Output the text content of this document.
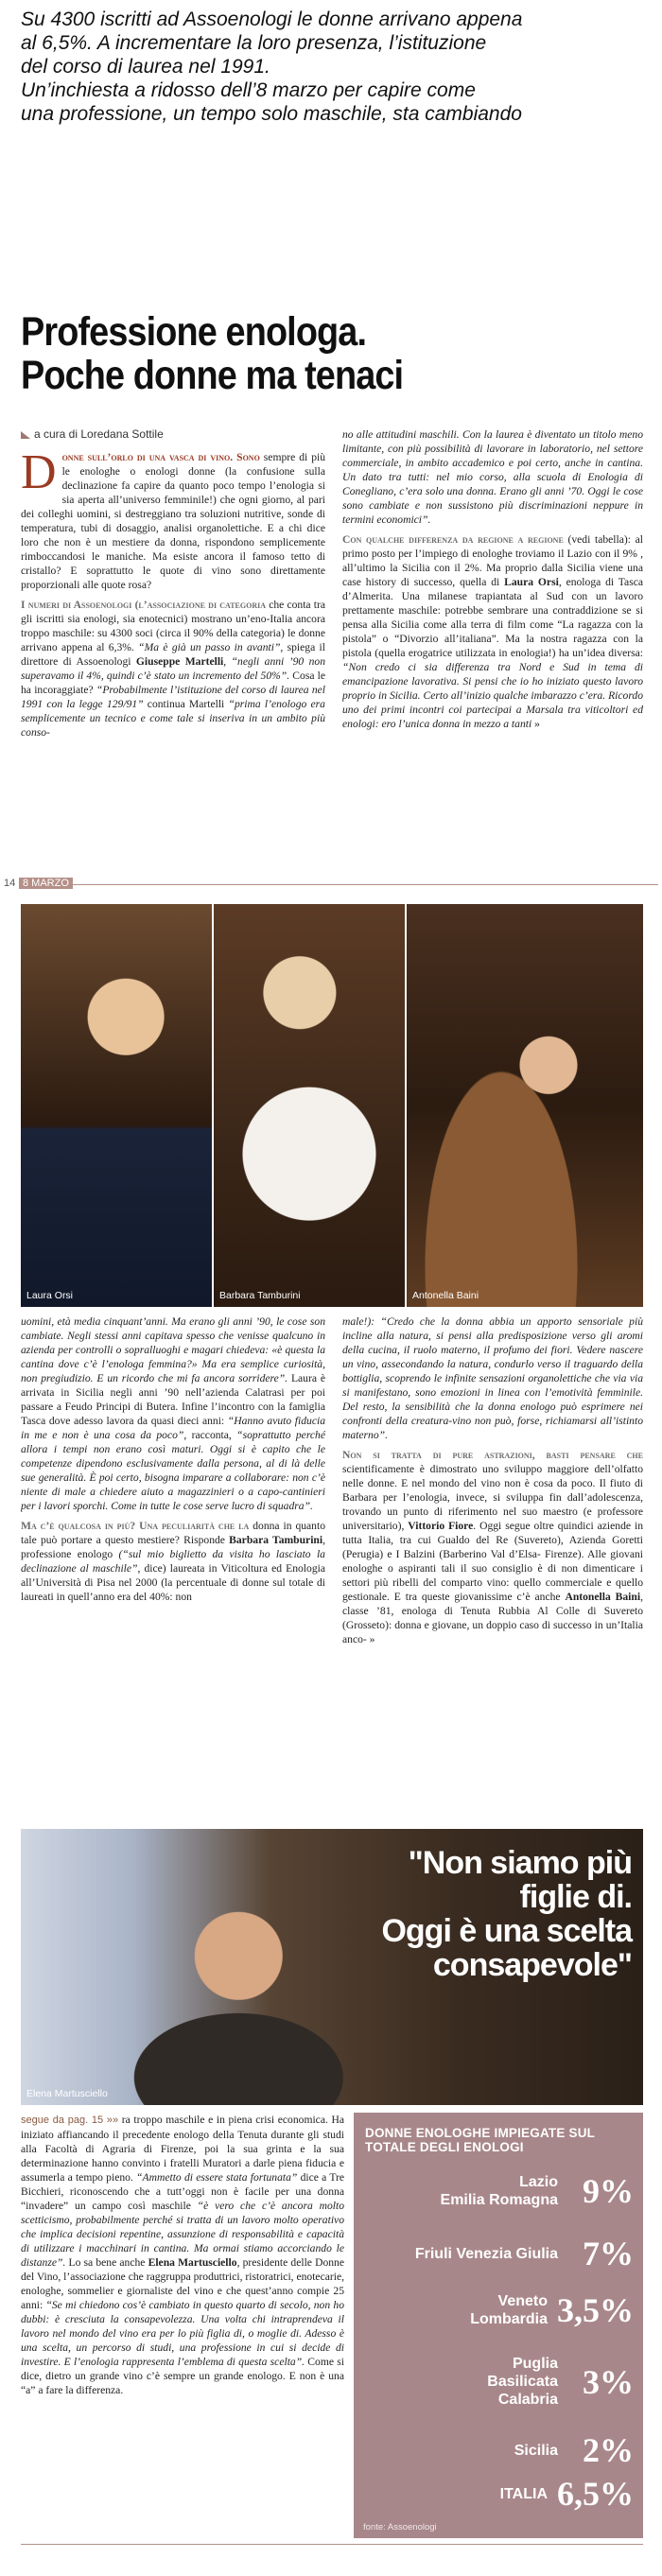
Su 4300 iscritti ad Assoenologi le donne arrivano appena

al 6,5%. A incrementare la loro presenza, l’istituzione

del corso di laurea nel 1991.

Un’inchiesta a ridosso dell’8 marzo per capire come

una professione, un tempo solo maschile, sta cambiando

Professione enologa.
Poche donne ma tenaci
a cura di Loredana Sottile

Donne sull’orlo di una vasca di vino. Sono sempre di più le enologhe o enologi donne (la confusione sulla declinazione fa capire da quanto poco tempo l’enologia si sia aperta all’universo femminile!) che ogni giorno, al pari dei colleghi uomini, si destreggiano tra soluzioni nutritive, sonde di temperatura, tubi di dosaggio, analisi organolettiche. E a chi dice loro che non è un mestiere da donna, rispondono semplicemente rimboccandosi le maniche. Ma esiste ancora il famoso tetto di cristallo? E soprattutto le quote di vino sono direttamente proporzionali alle quote rosa?

I numeri di Assoenologi (l’associazione di categoria che conta tra gli iscritti sia enologi, sia enotecnici) mostrano un’eno-Italia ancora troppo maschile: su 4300 soci (circa il 90% della categoria) le donne arrivano appena al 6,3%. “Ma è già un passo in avanti”, spiega il direttore di Assoenologi Giuseppe Martelli, “negli anni ’90 non superavamo il 4%, quindi c’è stato un incremento del 50%”. Cosa le ha incoraggiate? “Probabilmente l’istituzione del corso di laurea nel 1991 con la legge 129/91” continua Martelli “prima l’enologo era semplicemente un tecnico e come tale si inseriva in un ambito più conso-

no alle attitudini maschili. Con la laurea è diventato un titolo meno limitante, con più possibilità di lavorare in laboratorio, nel settore commerciale, in ambito accademico e poi certo, anche in cantina. Un dato tra tutti: nel mio corso, alla scuola di Enologia di Conegliano, c’era solo una donna. Erano gli anni ’70. Oggi le cose sono cambiate e non sussistono più discriminazioni neppure in termini economici”.

Con qualche differenza da regione a regione (vedi tabella): al primo posto per l’impiego di enologhe troviamo il Lazio con il 9% , all’ultimo la Sicilia con il 2%. Ma proprio dalla Sicilia viene una case history di successo, quella di Laura Orsi, enologa di Tasca d’Almerita. Una milanese trapiantata al Sud con un lavoro prettamente maschile: potrebbe sembrare una contraddizione se si pensa alla Sicilia come alla terra di film come “La ragazza con la pistola” o “Divorzio all’italiana”. Ma la nostra ragazza con la pistola (quella erogatrice utilizzata in enologia!) ha un’idea diversa: “Non credo ci sia differenza tra Nord e Sud in tema di emancipazione lavorativa. Si pensi che io ho iniziato questo lavoro proprio in Sicilia. Certo all’inizio qualche imbarazzo c’era. Ricordo uno dei primi incontri coi partecipai a Marsala tra viticoltori ed enologi: ero l’unica donna in mezzo a tanti »

14 8 MARZO
Laura Orsi	Barbara Tamburini	Antonella Baini

uomini, età media cinquant’anni. Ma erano gli anni ’90, le cose son cambiate. Negli stessi anni capitava spesso che venisse qualcuno in azienda per controlli o sopralluoghi e magari chiedeva: «è questa la cantina dove c’è l’enologa femmina?» Ma era semplice curiosità, non pregiudizio. E un ricordo che mi fa ancora sorridere”. Laura è arrivata in Sicilia negli anni ’90 nell’azienda Calatrasi per poi passare a Feudo Principi di Butera. Infine l’incontro con la famiglia Tasca dove adesso lavora da quasi dieci anni: “Hanno avuto fiducia in me e non è una cosa da poco”, racconta, “soprattutto perché allora i tempi non erano così maturi. Oggi si è capito che le competenze dipendono esclusivamente dalla persona, al di là delle sue generalità. È poi certo, bisogna imparare a collaborare: non c’è niente di male a chiedere aiuto a magazzinieri o a capo-cantinieri per i lavori sporchi. Come in tutte le cose serve lucro di squadra”.

Ma c’è qualcosa in più? Una peculiarità che la donna in quanto tale può portare a questo mestiere? Risponde Barbara Tamburini, professione enologo (“sul mio biglietto da visita ho lasciato la declinazione al maschile”, dice) laureata in Viticoltura ed Enologia all’Università di Pisa nel 2000 (la percentuale di donne sul totale di laureati in quell’anno era del 40%: non

male!): “Credo che la donna abbia un apporto sensoriale più incline alla natura, si pensi alla predisposizione verso gli aromi della cucina, il ruolo materno, il profumo dei fiori. Vedere nascere un vino, assecondando la natura, condurlo verso il traguardo della bottiglia, scoprendo le infinite sensazioni organolettiche che via via si manifestano, sono emozioni in linea con l’emotività femminile. Del resto, la sensibilità che la donna enologo può esprimere nei confronti della creatura-vino non può, forse, richiamarsi all’istinto materno”.

Non si tratta di pure astrazioni, basti pensare che scientificamente è dimostrato uno sviluppo maggiore dell’olfatto nelle donne. E nel mondo del vino non è cosa da poco. Il fiuto di Barbara per l’enologia, invece, si sviluppa fin dall’adolescenza, trovando un punto di riferimento nel suo maestro (e professore universitario), Vittorio Fiore. Oggi segue oltre quindici aziende in tutta Italia, tra cui Gualdo del Re (Suvereto), Azienda Goretti (Perugia) e I Balzini (Barberino Val d’Elsa- Firenze). Alle giovani enologhe o aspiranti tali il suo consiglio è di non dimenticare i settori più ribelli del comparto vino: quello commerciale e quello gestionale. E tra queste giovanissime c’è anche Antonella Baini, classe ’81, enologa di Tenuta Rubbia Al Colle di Suvereto (Grosseto): donna e giovane, un doppio caso di successo in un’Italia anco- »

"Non siamo più
figlie di.
Oggi è una scelta
consapevole"
Elena Martusciello

segue da pag. 15 »» ra troppo maschile e in piena crisi economica. Ha iniziato affiancando il precedente enologo della Tenuta durante gli studi alla Facoltà di Agraria di Firenze, poi la sua grinta e la sua determinazione hanno convinto i fratelli Muratori a darle piena fiducia e assumerla a tempo pieno. “Ammetto di essere stata fortunata” dice a Tre Bicchieri, riconoscendo che a tutt’oggi non è facile per una donna “invadere” un campo così maschile “è vero che c’è ancora molto scetticismo, probabilmente perché si tratta di un lavoro molto operativo che implica decisioni repentine, assunzione di responsabilità e capacità di utilizzare i macchinari in cantina. Ma ormai stiamo accorciando le distanze”. Lo sa bene anche Elena Martusciello, presidente delle Donne del Vino, l’associazione che raggruppa produttrici, ristoratrici, enotecarie, enologhe, sommelier e giornaliste del vino e che quest’anno compie 25 anni: “Se mi chiedono cos’è cambiato in questo quarto di secolo, non ho dubbi: è cresciuta la consapevolezza. Una volta chi intraprendeva il lavoro nel mondo del vino era per lo più figlia di, o moglie di. Adesso è una scelta, un percorso di studi, una professione in cui si decide di investire. E l’enologia rappresenta l’emblema di questa scelta”. Come si dice, dietro un grande vino c’è sempre un grande enologo. E non è una “a” a fare la differenza.

DONNE ENOLOGHE IMPIEGATE SUL TOTALE DEGLI ENOLOGI
Lazio
Emilia Romagna 9%
Friuli Venezia Giulia 7%
Veneto
Lombardia 3,5%
Puglia
Basilicata
Calabria 3%
Sicilia 2%
ITALIA 6,5%
fonte: Assoenologi
